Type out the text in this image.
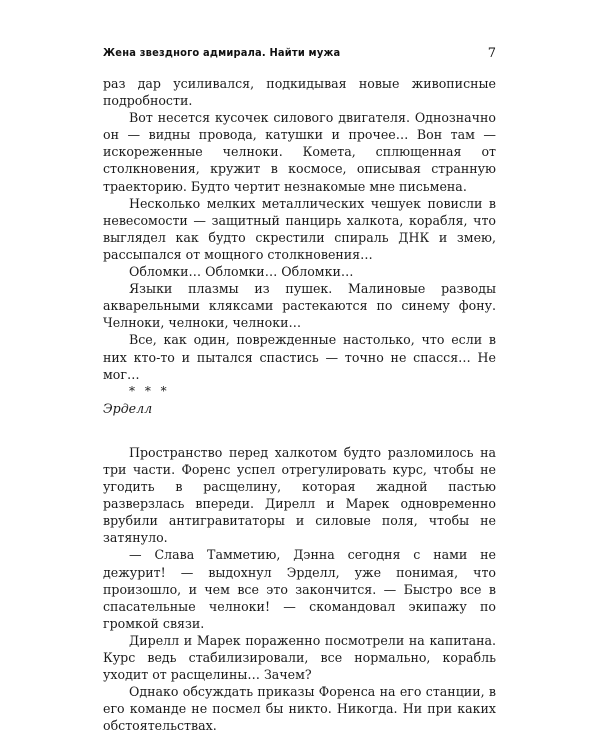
Жена звездного адмирала. Найти мужа	7

раз дар усиливался, подкидывая новые живописные подробности.

Вот несется кусочек силового двигателя. Однозначно он — видны провода, катушки и прочее… Вон там — искореженные челноки. Комета, сплющенная от столкновения, кружит в космосе, описывая странную траекторию. Будто чертит незнакомые мне письмена.

Несколько мелких металлических чешуек повисли в невесомости — защитный панцирь халкота, корабля, что выглядел как будто скрестили спираль ДНК и змею, рассыпался от мощного столкновения…

Обломки… Обломки… Обломки…

Языки плазмы из пушек. Малиновые разводы акварельными кляксами растекаются по синему фону. Челноки, челноки, челноки…

Все, как один, поврежденные настолько, что если в них кто-то и пытался спастись — точно не спасся… Не мог…

* * *

Эрделл

Пространство перед халкотом будто разломилось на три части. Форенс успел отрегулировать курс, чтобы не угодить в расщелину, которая жадной пастью разверзлась впереди. Дирелл и Марек одновременно врубили антигравитаторы и силовые поля, чтобы не затянуло.

— Слава Тамметию, Дэнна сегодня с нами не дежурит! — выдохнул Эрделл, уже понимая, что произошло, и чем все это закончится. — Быстро все в спасательные челноки! — скомандовал экипажу по громкой связи.

Дирелл и Марек пораженно посмотрели на капитана. Курс ведь стабилизировали, все нормально, корабль уходит от расщелины… Зачем?

Однако обсуждать приказы Форенса на его станции, в его команде не посмел бы никто. Никогда. Ни при каких обстоятельствах.
